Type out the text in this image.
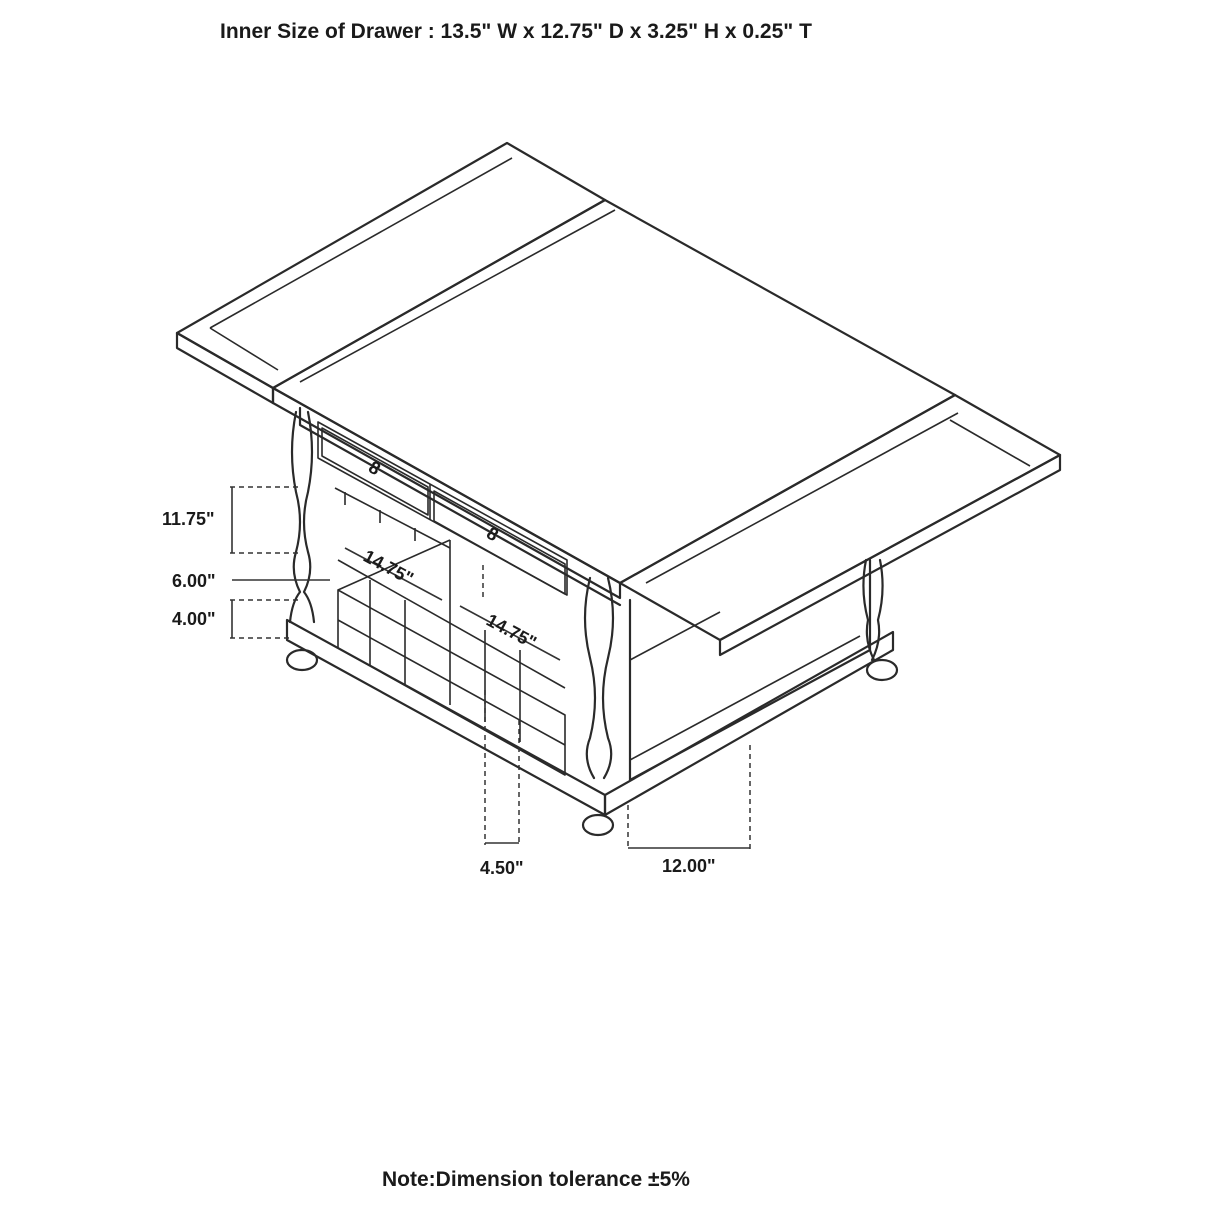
Inner Size of Drawer : 13.5" W x 12.75" D x 3.25" H x 0.25" T
8
8
11.75"
6.00"
4.00"
14.75"
14.75"
4.50"	12.00"
Note:Dimension tolerance ±5%
